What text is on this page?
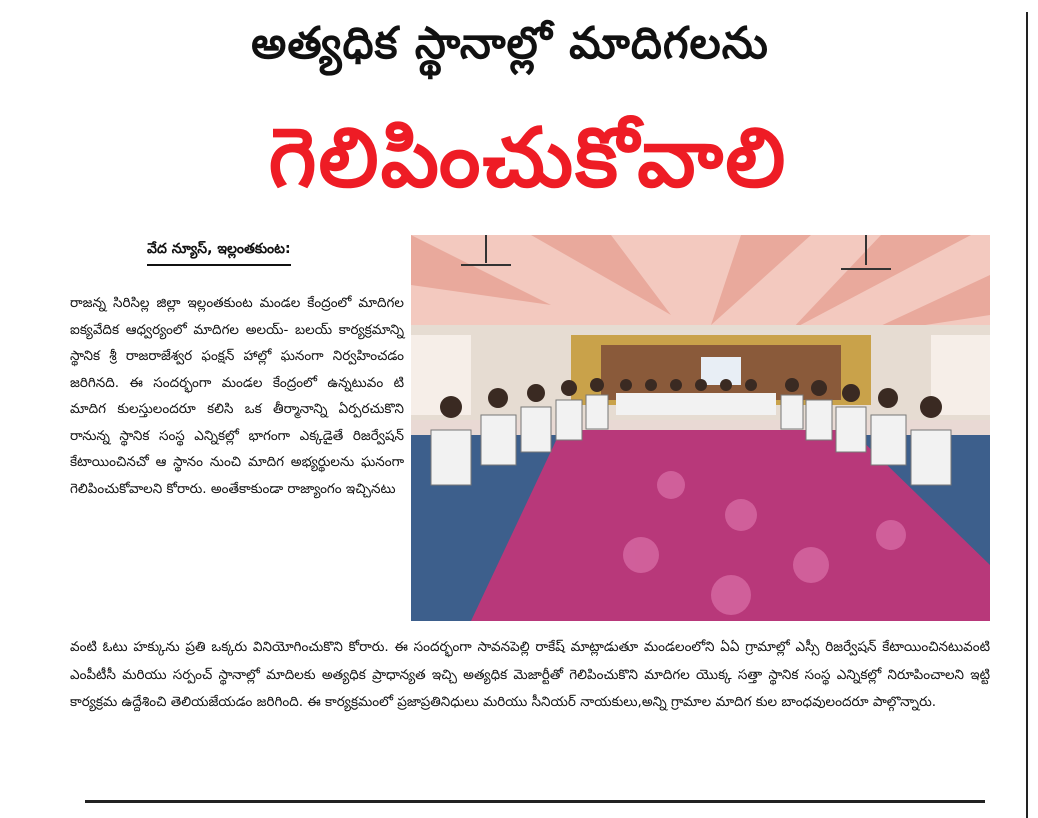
అత్యధిక స్థానాల్లో మాదిగలను
గెలిపించుకోవాలి
వేద న్యూస్, ఇల్లంతకుంట:
రాజన్న సిరిసిల్ల జిల్లా ఇల్లంతకుంట మండల కేంద్రంలో మాదిగల ఐక్యవేదిక ఆధ్వర్యంలో మాదిగల అలయ్- బలయ్ కార్యక్రమాన్ని స్థానిక శ్రీ రాజరాజేశ్వర ఫంక్షన్ హాల్లో ఘనంగా నిర్వహించడం జరిగినది. ఈ సందర్భంగా మండల కేంద్రంలో ఉన్నటువం టి మాదిగ కులస్తులందరూ కలిసి ఒక తీర్మానాన్ని ఏర్పరచుకొని రానున్న స్థానిక సంస్థ ఎన్నికల్లో భాగంగా ఎక్కడైతే రిజర్వేషన్ కేటాయించినచో ఆ స్థానం నుంచి మాదిగ అభ్యర్థులను ఘనంగా గెలిపించుకోవాలని కోరారు. అంతేకాకుండా రాజ్యాంగం ఇచ్చినటు
వంటి ఓటు హక్కును ప్రతి ఒక్కరు వినియోగించుకొని కోరారు. ఈ సందర్భంగా సావనపెల్లి రాకేష్ మాట్లాడుతూ మండలంలోని ఏఏ గ్రామాల్లో ఎస్సీ రిజర్వేషన్ కేటాయించినటువంటి ఎంపీటీసీ మరియు సర్పంచ్ స్థానాల్లో మాదిలకు అత్యధిక ప్రాధాన్యత ఇచ్చి అత్యధిక మెజార్టీతో గెలిపించుకొని మాదిగల యొక్క సత్తా స్థానిక సంస్థ ఎన్నికల్లో నిరూపించాలని ఇట్టి కార్యక్రమ ఉద్దేశించి తెలియజేయడం జరిగింది. ఈ కార్యక్రమంలో ప్రజాప్రతినిధులు మరియు సీనియర్ నాయకులు,అన్ని గ్రామాల మాదిగ కుల బాంధవులందరూ పాల్గొన్నారు.
